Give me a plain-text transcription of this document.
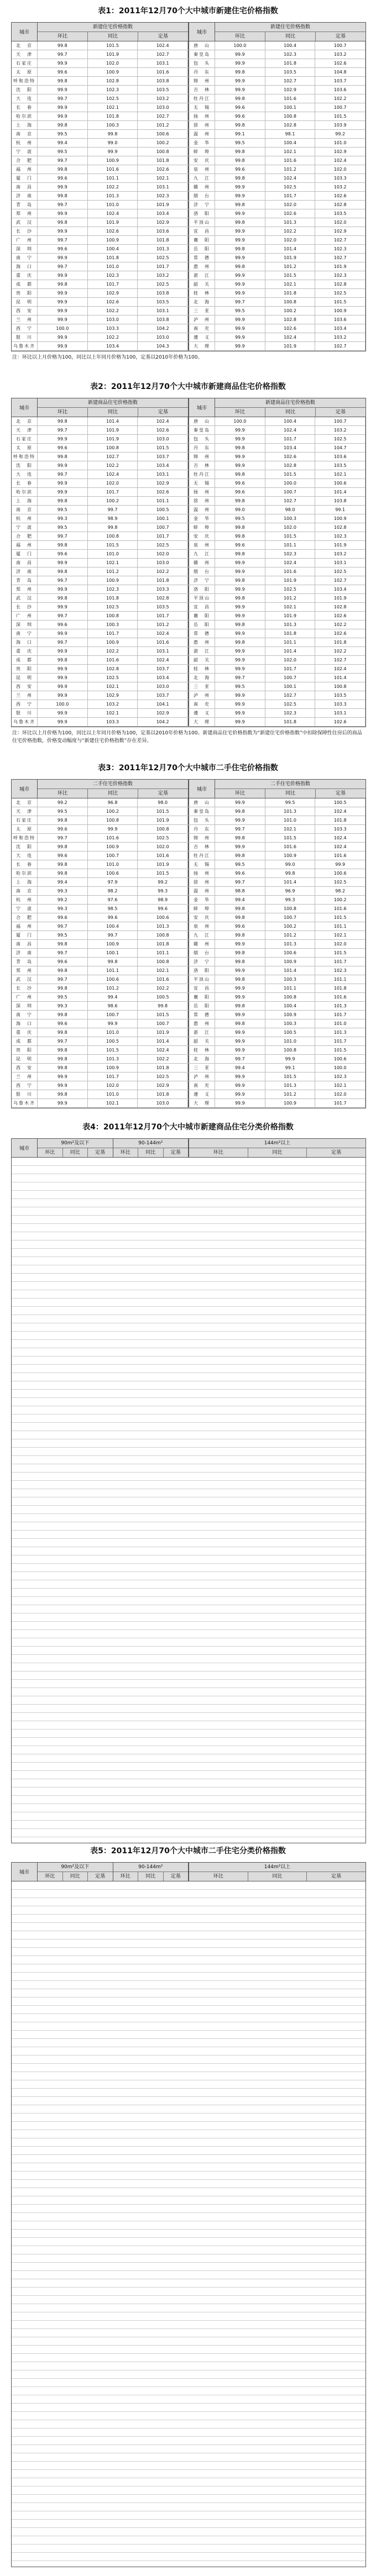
表1：2011年12月70个大中城市新建住宅价格指数
城市
新建住宅价格指数
环比	同比	定基
城市
新建住宅价格指数
环比	同比	定基
北　京	99.8	101.5	102.4	唐　山	100.0	100.4	100.7
天　津	99.7	101.9	102.7	秦皇岛	99.9	102.3	103.2
石家庄	99.9	102.0	103.1	包　头	99.9	101.8	102.6
太　原	99.6	100.9	101.6	丹　东	99.8	103.5	104.8
呼和浩特	99.8	102.8	103.8	锦　州	99.9	102.7	103.7
沈　阳	99.9	102.3	103.5	吉　林	99.9	102.9	103.6
大　连	99.7	102.5	103.2	牡丹江	99.8	101.6	102.2
长　春	99.9	102.1	103.0	无　锡	99.6	100.1	100.7
哈尔滨	99.9	101.8	102.7	扬　州	99.6	100.8	101.5
上　海	99.8	100.3	101.2	徐　州	99.8	102.8	103.9
南　京	99.5	99.8	100.6	温　州	99.1	98.1	99.2
杭　州	99.4	99.0	100.2	金　华	99.5	100.4	101.0
宁　波	99.5	99.9	100.8	蚌　埠	99.8	102.1	102.9
合　肥	99.7	100.9	101.8	安　庆	99.8	101.6	102.4
福　州	99.8	101.6	102.6	泉　州	99.6	101.2	102.0
厦　门	99.6	101.1	102.1	九　江	99.8	102.4	103.3
南　昌	99.9	102.2	103.1	赣　州	99.9	102.5	103.2
济　南	99.8	101.3	102.3	烟　台	99.9	101.7	102.6
青　岛	99.7	101.0	101.9	济　宁	99.8	102.0	102.8
郑　州	99.9	102.4	103.4	洛　阳	99.9	102.6	103.5
武　汉	99.8	101.9	102.9	平顶山	99.8	101.3	102.0
长　沙	99.9	102.6	103.6	宜　昌	99.9	102.2	102.9
广　州	99.7	100.9	101.8	襄　阳	99.9	102.0	102.7
深　圳	99.6	100.4	101.3	岳　阳	99.8	101.4	102.3
南　宁	99.9	101.8	102.5	常　德	99.9	101.9	102.7
海　口	99.7	101.0	101.7	惠　州	99.8	101.2	101.9
重　庆	99.9	102.3	103.2	湛　江	99.9	101.5	102.3
成　都	99.8	101.7	102.5	韶　关	99.9	102.1	102.8
贵　阳	99.9	102.9	103.8	桂　林	99.9	101.8	102.5
昆　明	99.9	102.6	103.5	北　海	99.7	100.8	101.5
西　安	99.9	102.2	103.1	三　亚	99.5	100.2	100.9
兰　州	99.9	103.0	103.8	泸　州	99.9	102.8	103.6
西　宁	100.0	103.3	104.2	南　充	99.9	102.6	103.4
银　川	99.9	102.2	103.0	遵　义	99.9	102.4	103.2
乌鲁木齐	99.9	103.4	104.3	大　理	99.9	101.9	102.7
注：环比以上月价格为100，同比以上年同月价格为100，定基以2010年价格为100。
表2：2011年12月70个大中城市新建商品住宅价格指数
城市
新建商品住宅价格指数
环比	同比	定基
城市
新建商品住宅价格指数
环比	同比	定基
北　京	99.8	101.4	102.4	唐　山	100.0	100.4	100.7
天　津	99.7	101.9	102.6	秦皇岛	99.9	102.4	103.2
石家庄	99.9	101.9	103.0	包　头	99.9	101.7	102.5
太　原	99.6	100.8	101.5	丹　东	99.8	103.4	104.7
呼和浩特	99.8	102.7	103.7	锦　州	99.9	102.6	103.6
沈　阳	99.9	102.2	103.4	吉　林	99.9	102.8	103.5
大　连	99.7	102.4	103.1	牡丹江	99.8	101.5	102.1
长　春	99.9	102.0	102.9	无　锡	99.6	100.0	100.6
哈尔滨	99.9	101.7	102.6	扬　州	99.6	100.7	101.4
上　海	99.8	100.2	101.1	徐　州	99.8	102.7	103.8
南　京	99.5	99.7	100.5	温　州	99.0	98.0	99.1
杭　州	99.3	98.9	100.1	金　华	99.5	100.3	100.9
宁　波	99.5	99.8	100.7	蚌　埠	99.8	102.0	102.8
合　肥	99.7	100.8	101.7	安　庆	99.8	101.5	102.3
福　州	99.8	101.5	102.5	泉　州	99.6	101.1	101.9
厦　门	99.6	101.0	102.0	九　江	99.8	102.3	103.2
南　昌	99.9	102.1	103.0	赣　州	99.9	102.4	103.1
济　南	99.8	101.2	102.2	烟　台	99.9	101.6	102.5
青　岛	99.7	100.9	101.8	济　宁	99.8	101.9	102.7
郑　州	99.9	102.3	103.3	洛　阳	99.9	102.5	103.4
武　汉	99.8	101.8	102.8	平顶山	99.8	101.2	101.9
长　沙	99.9	102.5	103.5	宜　昌	99.9	102.1	102.8
广　州	99.7	100.8	101.7	襄　阳	99.9	101.9	102.6
深　圳	99.6	100.3	101.2	岳　阳	99.8	101.3	102.2
南　宁	99.9	101.7	102.4	常　德	99.9	101.8	102.6
海　口	99.7	100.9	101.6	惠　州	99.8	101.1	101.8
重　庆	99.9	102.2	103.1	湛　江	99.9	101.4	102.2
成　都	99.8	101.6	102.4	韶　关	99.9	102.0	102.7
贵　阳	99.9	102.8	103.7	桂　林	99.9	101.7	102.4
昆　明	99.9	102.5	103.4	北　海	99.7	100.7	101.4
西　安	99.9	102.1	103.0	三　亚	99.5	100.1	100.8
兰　州	99.9	102.9	103.7	泸　州	99.9	102.7	103.5
西　宁	100.0	103.2	104.1	南　充	99.9	102.5	103.3
银　川	99.9	102.1	102.9	遵　义	99.9	102.3	103.1
乌鲁木齐	99.9	103.3	104.2	大　理	99.9	101.8	102.6
注：环比以上月价格为100，同比以上年同月价格为100，定基以2010年价格为100。新建商品住宅价格指数为“新建住宅价格指数”中扣除保障性住房后的商品住宅价格指数，价格变动幅度与“新建住宅价格指数”存在差异。
表3：2011年12月70个大中城市二手住宅价格指数
城市
二手住宅价格指数
环比	同比	定基
城市
二手住宅价格指数
环比	同比	定基
北　京	99.2	96.8	98.0	唐　山	99.9	99.5	100.5
天　津	99.5	100.2	101.5	秦皇岛	99.8	101.3	102.4
石家庄	99.8	100.8	101.9	包　头	99.9	101.0	101.8
太　原	99.6	99.9	100.8	丹　东	99.7	102.1	103.3
呼和浩特	99.7	101.6	102.5	锦　州	99.8	101.5	102.4
沈　阳	99.8	100.9	102.0	吉　林	99.9	101.6	102.4
大　连	99.6	100.7	101.6	牡丹江	99.8	100.9	101.6
长　春	99.8	101.0	101.9	无　锡	99.5	99.0	99.9
哈尔滨	99.8	100.6	101.5	扬　州	99.6	99.8	100.6
上　海	99.4	97.9	99.2	徐　州	99.7	101.4	102.5
南　京	99.3	98.2	99.3	温　州	98.8	96.9	98.2
杭　州	99.2	97.6	98.9	金　华	99.4	99.3	100.2
宁　波	99.3	98.5	99.6	蚌　埠	99.8	100.8	101.6
合　肥	99.6	99.6	100.6	安　庆	99.8	100.7	101.5
福　州	99.7	100.4	101.3	泉　州	99.6	100.2	101.1
厦　门	99.5	99.7	100.8	九　江	99.8	101.2	102.1
南　昌	99.8	100.9	101.8	赣　州	99.9	101.3	102.0
济　南	99.7	100.1	101.1	烟　台	99.8	100.6	101.5
青　岛	99.6	99.8	100.8	济　宁	99.8	100.9	101.7
郑　州	99.8	101.1	102.1	洛　阳	99.9	101.4	102.3
武　汉	99.7	100.6	101.6	平顶山	99.8	100.3	101.1
长　沙	99.8	101.2	102.2	宜　昌	99.9	101.1	101.8
广　州	99.5	99.4	100.5	襄　阳	99.9	100.8	101.6
深　圳	99.3	98.6	99.8	岳　阳	99.8	100.4	101.3
南　宁	99.8	100.7	101.5	常　德	99.9	100.9	101.7
海　口	99.6	99.9	100.7	惠　州	99.8	100.3	101.0
重　庆	99.8	101.0	101.9	湛　江	99.9	100.5	101.3
成　都	99.7	100.5	101.4	韶　关	99.9	101.0	101.7
贵　阳	99.8	101.5	102.4	桂　林	99.9	100.8	101.5
昆　明	99.8	101.3	102.2	北　海	99.7	99.9	100.6
西　安	99.8	100.9	101.8	三　亚	99.4	99.1	100.0
兰　州	99.9	101.7	102.5	泸　州	99.9	101.5	102.3
西　宁	99.9	102.0	102.9	南　充	99.9	101.3	102.1
银　川	99.8	101.0	101.8	遵　义	99.9	101.2	102.0
乌鲁木齐	99.9	102.1	103.0	大　理	99.9	100.9	101.7
表4：2011年12月70个大中城市新建商品住宅分类价格指数
城市
90m²及以下
环比	同比	定基
90-144m²
环比	同比	定基
144m²以上
环比	同比	定基
表5：2011年12月70个大中城市二手住宅分类价格指数
城市
90m²及以下
环比	同比	定基
90-144m²
环比	同比	定基
144m²以上
环比	同比	定基
